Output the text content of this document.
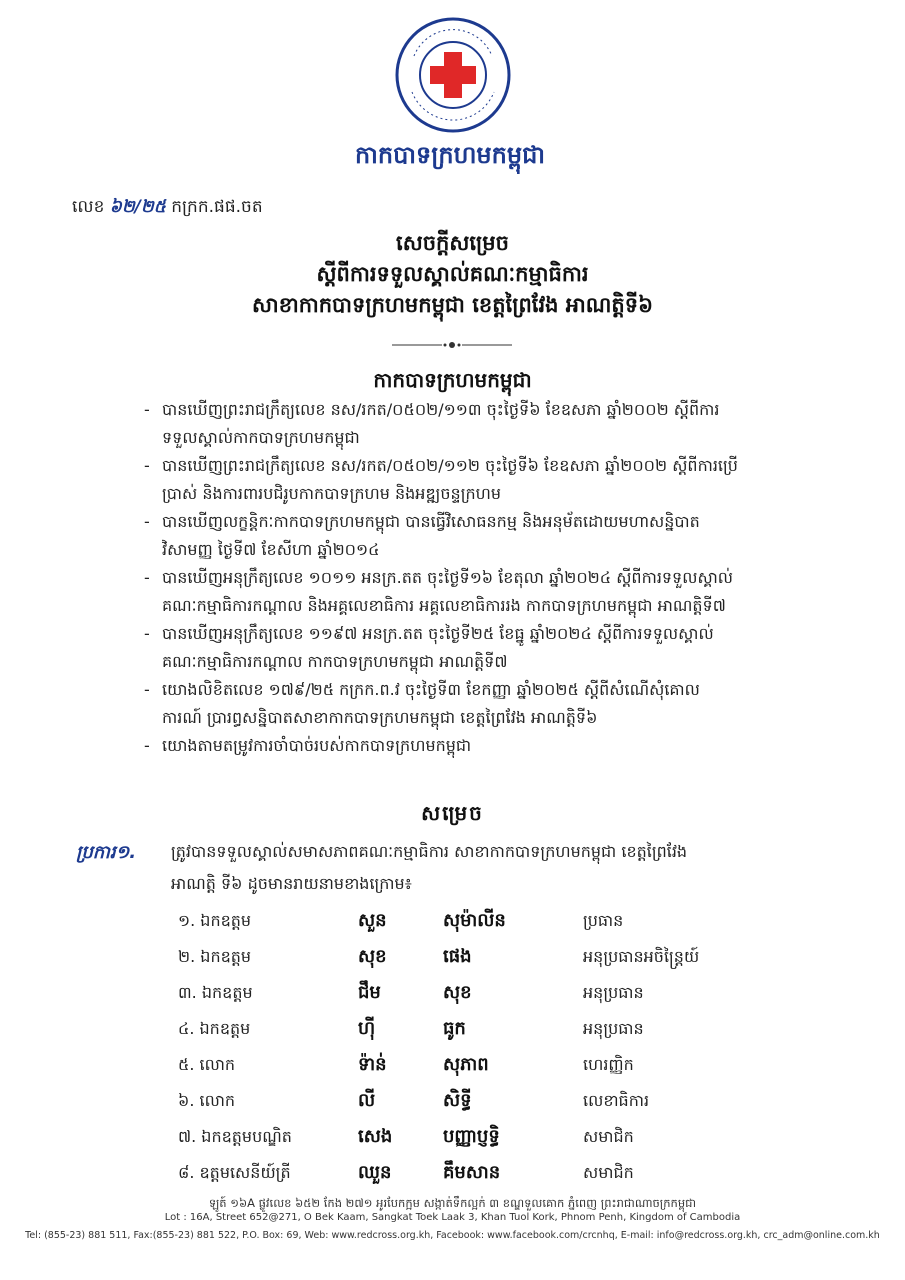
កាកបាទក្រហមកម្ពុជា
លេខ ៦២/២៥ កក្រក.ផផ.ចត
សេចក្តីសម្រេច
ស្តីពីការទទួលស្គាល់គណៈកម្មាធិការ
សាខាកាកបាទក្រហមកម្ពុជា ខេត្តព្រៃវែង អាណត្តិទី៦
កាកបាទក្រហមកម្ពុជា
- បានឃើញព្រះរាជក្រឹត្យលេខ នស/រកត/០៥០២/១១៣ ចុះថ្ងៃទី៦ ខែឧសភា ឆ្នាំ២០០២ ស្តីពីការ
ទទួលស្គាល់កាកបាទក្រហមកម្ពុជា
- បានឃើញព្រះរាជក្រឹត្យលេខ នស/រកត/០៥០២/១១២ ចុះថ្ងៃទី៦ ខែឧសភា ឆ្នាំ២០០២ ស្តីពីការប្រើ
ប្រាស់ និងការពារបជិរូបកាកបាទក្រហម និងអឌ្ឍចន្ទក្រហម
- បានឃើញលក្ខន្តិកៈកាកបាទក្រហមកម្ពុជា បានធ្វើវិសោធនកម្ម និងអនុម័តដោយមហាសន្និបាត
វិសាមញ្ញ ថ្ងៃទី៧ ខែសីហា ឆ្នាំ២០១៤
- បានឃើញអនុក្រឹត្យលេខ ១០១១ អនក្រ.តត ចុះថ្ងៃទី១៦ ខែតុលា ឆ្នាំ២០២៤ ស្តីពីការទទួលស្គាល់
គណៈកម្មាធិការកណ្តាល និងអគ្គលេខាធិការ អគ្គលេខាធិការរង កាកបាទក្រហមកម្ពុជា អាណត្តិទី៧
- បានឃើញអនុក្រឹត្យលេខ ១១៩៧ អនក្រ.តត ចុះថ្ងៃទី២៥ ខែធ្នូ ឆ្នាំ២០២៤ ស្តីពីការទទួលស្គាល់
គណៈកម្មាធិការកណ្តាល កាកបាទក្រហមកម្ពុជា អាណត្តិទី៧
- យោងលិខិតលេខ ១៧៩/២៥ កក្រក.ព.វ ចុះថ្ងៃទី៣ ខែកញ្ញា ឆ្នាំ២០២៥ ស្តីពីសំណើសុំគោល
ការណ៍ ប្រារព្ធសន្និបាតសាខាកាកបាទក្រហមកម្ពុជា ខេត្តព្រៃវែង អាណត្តិទី៦
- យោងតាមតម្រូវការចាំបាច់របស់កាកបាទក្រហមកម្ពុជា
សម្រេច
ប្រការ១. ត្រូវបានទទួលស្គាល់សមាសភាពគណៈកម្មាធិការ សាខាកាកបាទក្រហមកម្ពុជា ខេត្តព្រៃវែង
អាណត្តិ ទី៦ ដូចមានរាយនាមខាងក្រោម៖
១. ឯកឧត្តម	សួន	សុម៉ាលីន	ប្រធាន
២. ឯកឧត្តម	សុខ	ផេង	អនុប្រធានអចិន្ត្រៃយ៍
៣. ឯកឧត្តម	ជឹម	សុខ	អនុប្រធាន
៤. ឯកឧត្តម	ហ៊ី	ធូក	អនុប្រធាន
៥. លោក	ទ៉ាន់	សុភាព	ហេរញ្ញិក
៦. លោក	លី	សិទ្ធី	លេខាធិការ
៧. ឯកឧត្តមបណ្ឌិត	សេង	បញ្ញាប្ញទ្ធិ	សមាជិក
៨. ឧត្តមសេនីយ៍ត្រី	ឈួន	គឹមសាន	សមាជិក
ឡូត៍ ១៦A ផ្លូវលេខ ៦៥២ កែង ២៧១ អូរបែកក្អម សង្កាត់ទឹកល្អក់ ៣ ខណ្ឌទួលគោក ភ្នំពេញ ព្រះរាជាណាចក្រកម្ពុជា
Lot : 16A, Street 652@271, O Bek Kaam, Sangkat Toek Laak 3, Khan Tuol Kork, Phnom Penh, Kingdom of Cambodia
Tel: (855-23) 881 511, Fax:(855-23) 881 522, P.O. Box: 69, Web: www.redcross.org.kh, Facebook: www.facebook.com/crcnhq, E-mail: info@redcross.org.kh, crc_adm@online.com.kh
